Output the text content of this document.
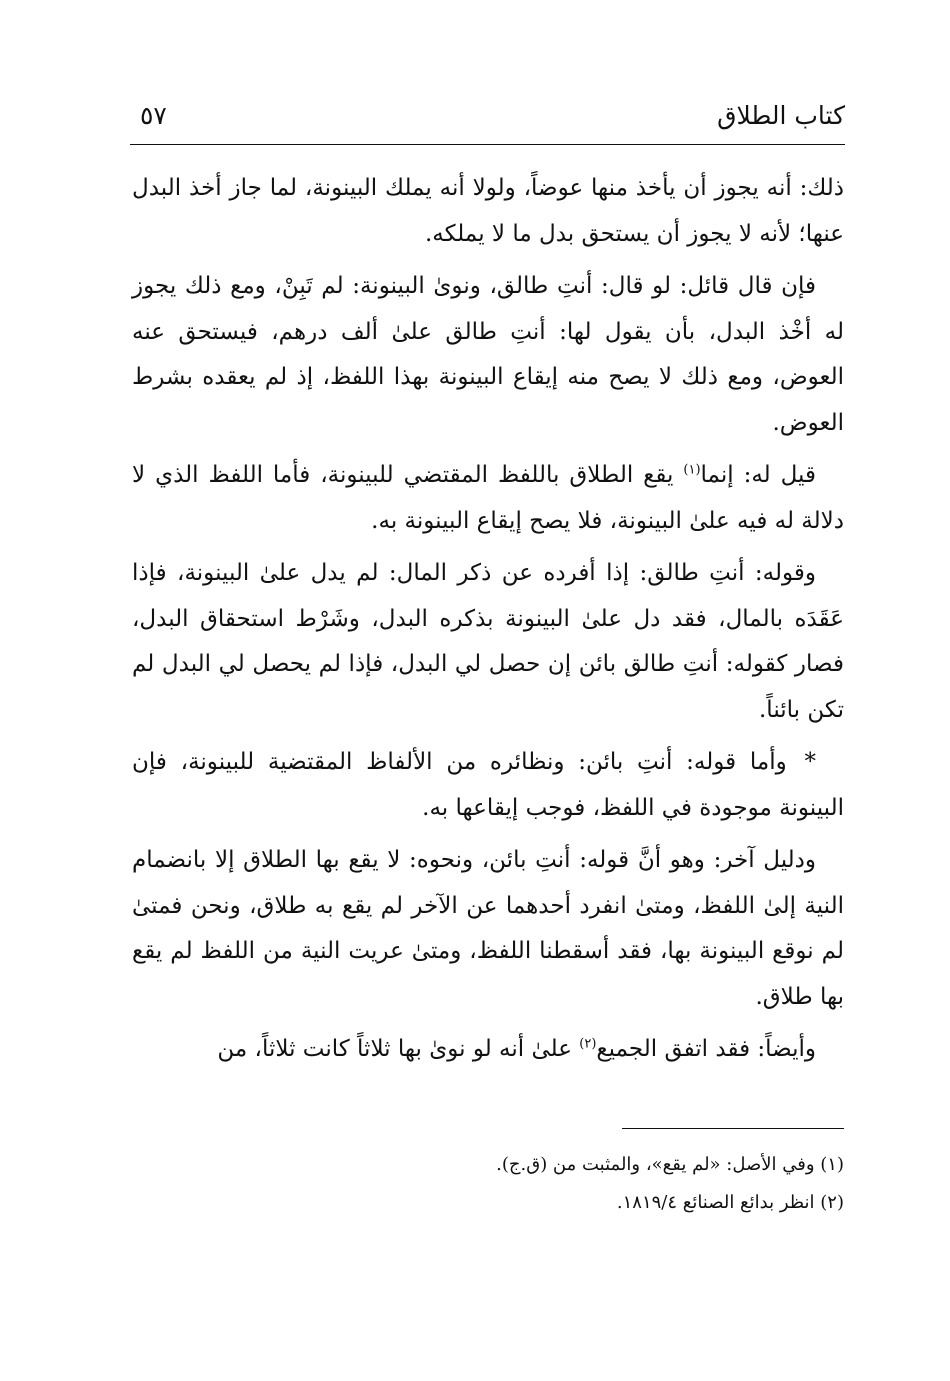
كتاب الطلاق
٥٧

ذلك: أنه يجوز أن يأخذ منها عوضاً، ولولا أنه يملك البينونة، لما جاز أخذ البدل عنها؛ لأنه لا يجوز أن يستحق بدل ما لا يملكه.

فإن قال قائل: لو قال: أنتِ طالق، ونوىٰ البينونة: لم تَبِنْ، ومع ذلك يجوز له أخْذ البدل، بأن يقول لها: أنتِ طالق علىٰ ألف درهم، فيستحق عنه العوض، ومع ذلك لا يصح منه إيقاع البينونة بهذا اللفظ، إذ لم يعقده بشرط العوض.

قيل له: إنما$^{(١)}$ يقع الطلاق باللفظ المقتضي للبينونة، فأما اللفظ الذي لا دلالة له فيه علىٰ البينونة، فلا يصح إيقاع البينونة به.

وقوله: أنتِ طالق: إذا أفرده عن ذكر المال: لم يدل علىٰ البينونة، فإذا عَقَدَه بالمال، فقد دل علىٰ البينونة بذكره البدل، وشَرْط استحقاق البدل، فصار كقوله: أنتِ طالق بائن إن حصل لي البدل، فإذا لم يحصل لي البدل لم تكن بائناً.

* وأما قوله: أنتِ بائن: ونظائره من الألفاظ المقتضية للبينونة، فإن البينونة موجودة في اللفظ، فوجب إيقاعها به.

ودليل آخر: وهو أنَّ قوله: أنتِ بائن، ونحوه: لا يقع بها الطلاق إلا بانضمام النية إلىٰ اللفظ، ومتىٰ انفرد أحدهما عن الآخر لم يقع به طلاق، ونحن فمتىٰ لم نوقع البينونة بها، فقد أسقطنا اللفظ، ومتىٰ عريت النية من اللفظ لم يقع بها طلاق.

وأيضاً: فقد اتفق الجميع$^{(٢)}$ علىٰ أنه لو نوىٰ بها ثلاثاً كانت ثلاثاً، من

(١) وفي الأصل: «لم يقع»، والمثبت من (ق.ج).

(٢) انظر بدائع الصنائع ١٨١٩/٤.
